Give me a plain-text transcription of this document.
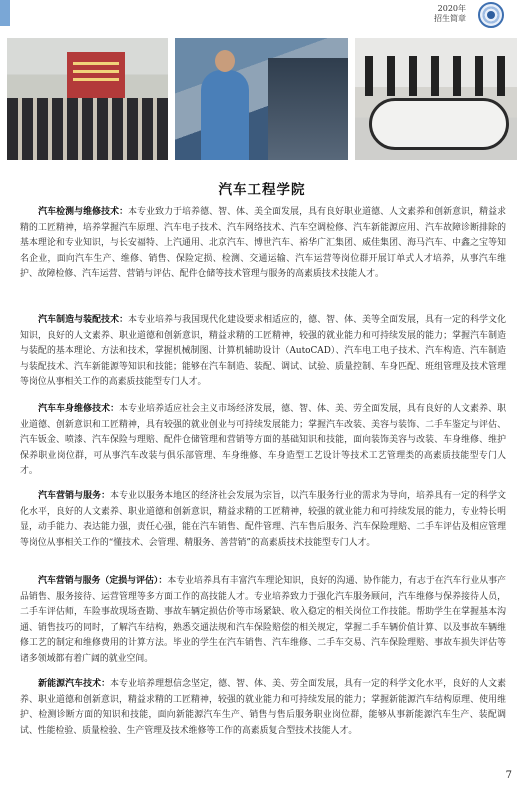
2020年
招生简章
汽车工程学院

汽车检测与维修技术 ： 本专业致力于培养德、智、体、美全面发展，具有良好职业道德、人文素养和创新意识，精益求精的工匠精神，培养掌握汽车原理、汽车电子技术、汽车网络技术、汽车空调检修、汽车新能源应用、汽车故障诊断排除的基本理论和专业知识，与长安福特、上汽通用、北京汽车、博世汽车、裕华广汇集团、威佳集团、海马汽车、中鑫之宝等知名企业，面向汽车生产、维修、销售、保险定损、检测、交通运输、汽车运营等岗位群开展订单式人才培养，从事汽车维护、故障检修、汽车运营、营销与评估、配件仓储等技术管理与服务的高素质技术技能人才。

汽车制造与装配技术 ： 本专业培养与我国现代化建设要求相适应的，德、智、体、美等全面发展，具有一定的科学文化知识，良好的人文素养、职业道德和创新意识，精益求精的工匠精神，较强的就业能力和可持续发展的能力；掌握汽车制造与装配的基本理论、方法和技术，掌握机械制图、计算机辅助设计（AutoCAD）、汽车电工电子技术、汽车构造、汽车制造与装配技术、汽车新能源等知识和技能；能够在汽车制造、装配、调试、试验、质量控制、车身匹配、班组管理及技术管理等岗位从事相关工作的高素质技能型专门人才。

汽车车身维修技术 ： 本专业培养适应社会主义市场经济发展，德、智、体、美、劳全面发展，具有良好的人文素养、职业道德、创新意识和工匠精神，具有较强的就业创业与可持续发展能力；掌握汽车改装、美容与装饰、二手车鉴定与评估、汽车钣金、喷漆、汽车保险与理赔、配件仓储管理和营销等方面的基础知识和技能，面向装饰美容与改装、车身维修、维护保养职业岗位群，可从事汽车改装与俱乐部管理、车身维修、车身造型工艺设计等技术工艺管理类的高素质技能型专门人才。

汽车营销与服务 ： 本专业以服务本地区的经济社会发展为宗旨，以汽车服务行业的需求为导向，培养具有一定的科学文化水平，良好的人文素养、职业道德和创新意识，精益求精的工匠精神，较强的就业能力和可持续发展的能力，专业特长明显，动手能力、表达能力强，责任心强，能在汽车销售、配件管理、汽车售后服务、汽车保险理赔、二手车评估及相应管理等岗位从事相关工作的“懂技术、会管理、精服务、善营销”的高素质技术技能型专门人才。

汽车营销与服务（定损与评估） ： 本专业培养具有丰富汽车理论知识，良好的沟通、协作能力，有志于在汽车行业从事产品销售、服务接待、运营管理等多方面工作的高技能人才。专业培养致力于强化汽车服务顾问，汽车维修与保养接待人员，二手车评估师，车险事故现场查勘、事故车辆定损估价等市场紧缺、收入稳定的相关岗位工作技能。帮助学生在掌握基本沟通、销售技巧的同时，了解汽车结构，熟悉交通法规和汽车保险赔偿的相关规定，掌握二手车辆价值计算、以及事故车辆维修工艺的制定和维修费用的计算方法。毕业的学生在汽车销售、汽车维修、二手车交易、汽车保险理赔、事故车损失评估等诸多领域都有着广阔的就业空间。

新能源汽车技术 ： 本专业培养理想信念坚定，德、智、体、美、劳全面发展，具有一定的科学文化水平，良好的人文素养、职业道德和创新意识，精益求精的工匠精神，较强的就业能力和可持续发展的能力；掌握新能源汽车结构原理、使用维护、检测诊断方面的知识和技能，面向新能源汽车生产、销售与售后服务职业岗位群，能够从事新能源汽车生产、装配调试、性能检验、质量检验、生产管理及技术维修等工作的高素质复合型技术技能人才。

7
